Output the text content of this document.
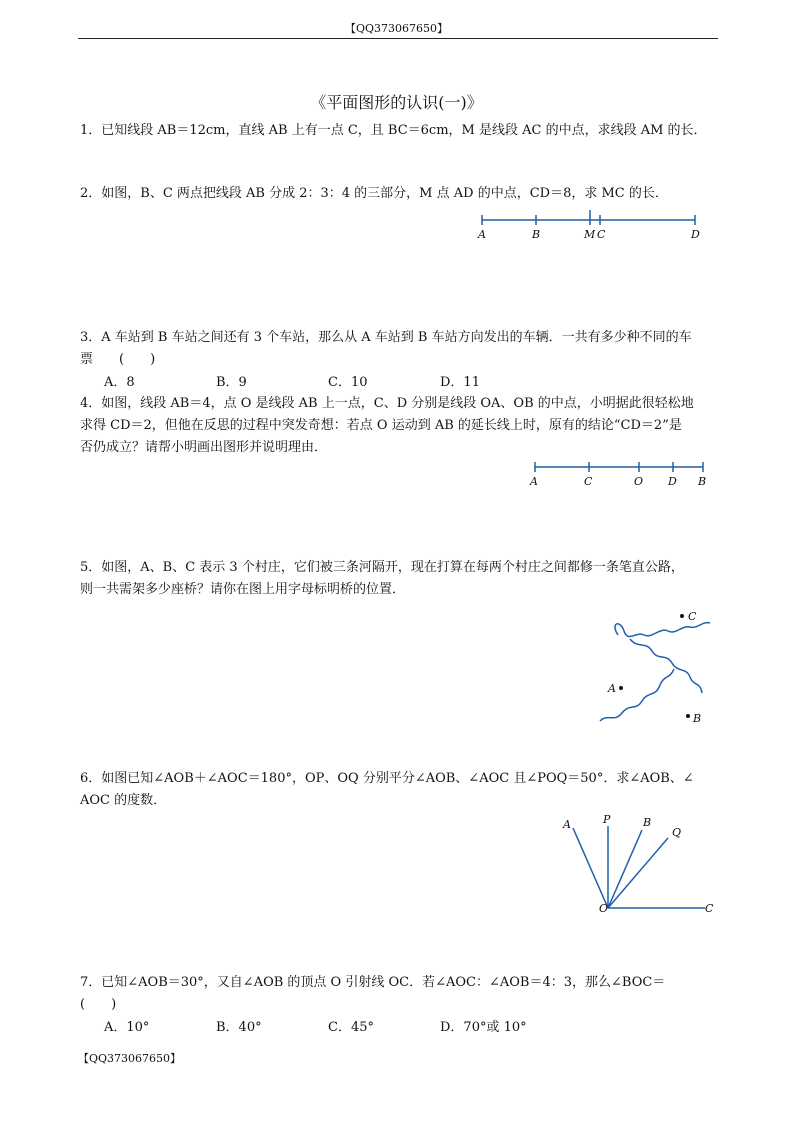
【QQ373067650】
《平面图形的认识(一)》
1．已知线段 AB＝12cm，直线 AB 上有一点 C，且 BC＝6cm，M 是线段 AC 的中点，求线段 AM 的长．
2．如图，B、C 两点把线段 AB 分成 2：3：4 的三部分，M 点 AD 的中点，CD＝8，求 MC 的长．
A	B	M C	D
3．A 车站到 B 车站之间还有 3 个车站，那么从 A 车站到 B 车站方向发出的车辆．一共有多少种不同的车
票　　(　　)
A．8	B．9	C．10	D．11
4．如图，线段 AB＝4，点 O 是线段 AB 上一点，C、D 分别是线段 OA、OB 的中点，小明据此很轻松地
求得 CD＝2，但他在反思的过程中突发奇想：若点 O 运动到 AB 的延长线上时，原有的结论“CD＝2”是
否仍成立？请帮小明画出图形并说明理由．
A	C	O D B
5．如图，A、B、C 表示 3 个村庄，它们被三条河隔开，现在打算在每两个村庄之间都修一条笔直公路，
则一共需架多少座桥？请你在图上用字母标明桥的位置．
C
A
B
6．如图已知∠AOB＋∠AOC＝180°，OP、OQ 分别平分∠AOB、∠AOC 且∠POQ＝50°．求∠AOB、∠
AOC 的度数．
A	P	B
Q
O	C
7．已知∠AOB＝30°，又自∠AOB 的顶点 O 引射线 OC．若∠AOC：∠AOB＝4：3，那么∠BOC＝
(　　)
A．10°	B．40°	C．45°	D．70°或 10°
【QQ373067650】
